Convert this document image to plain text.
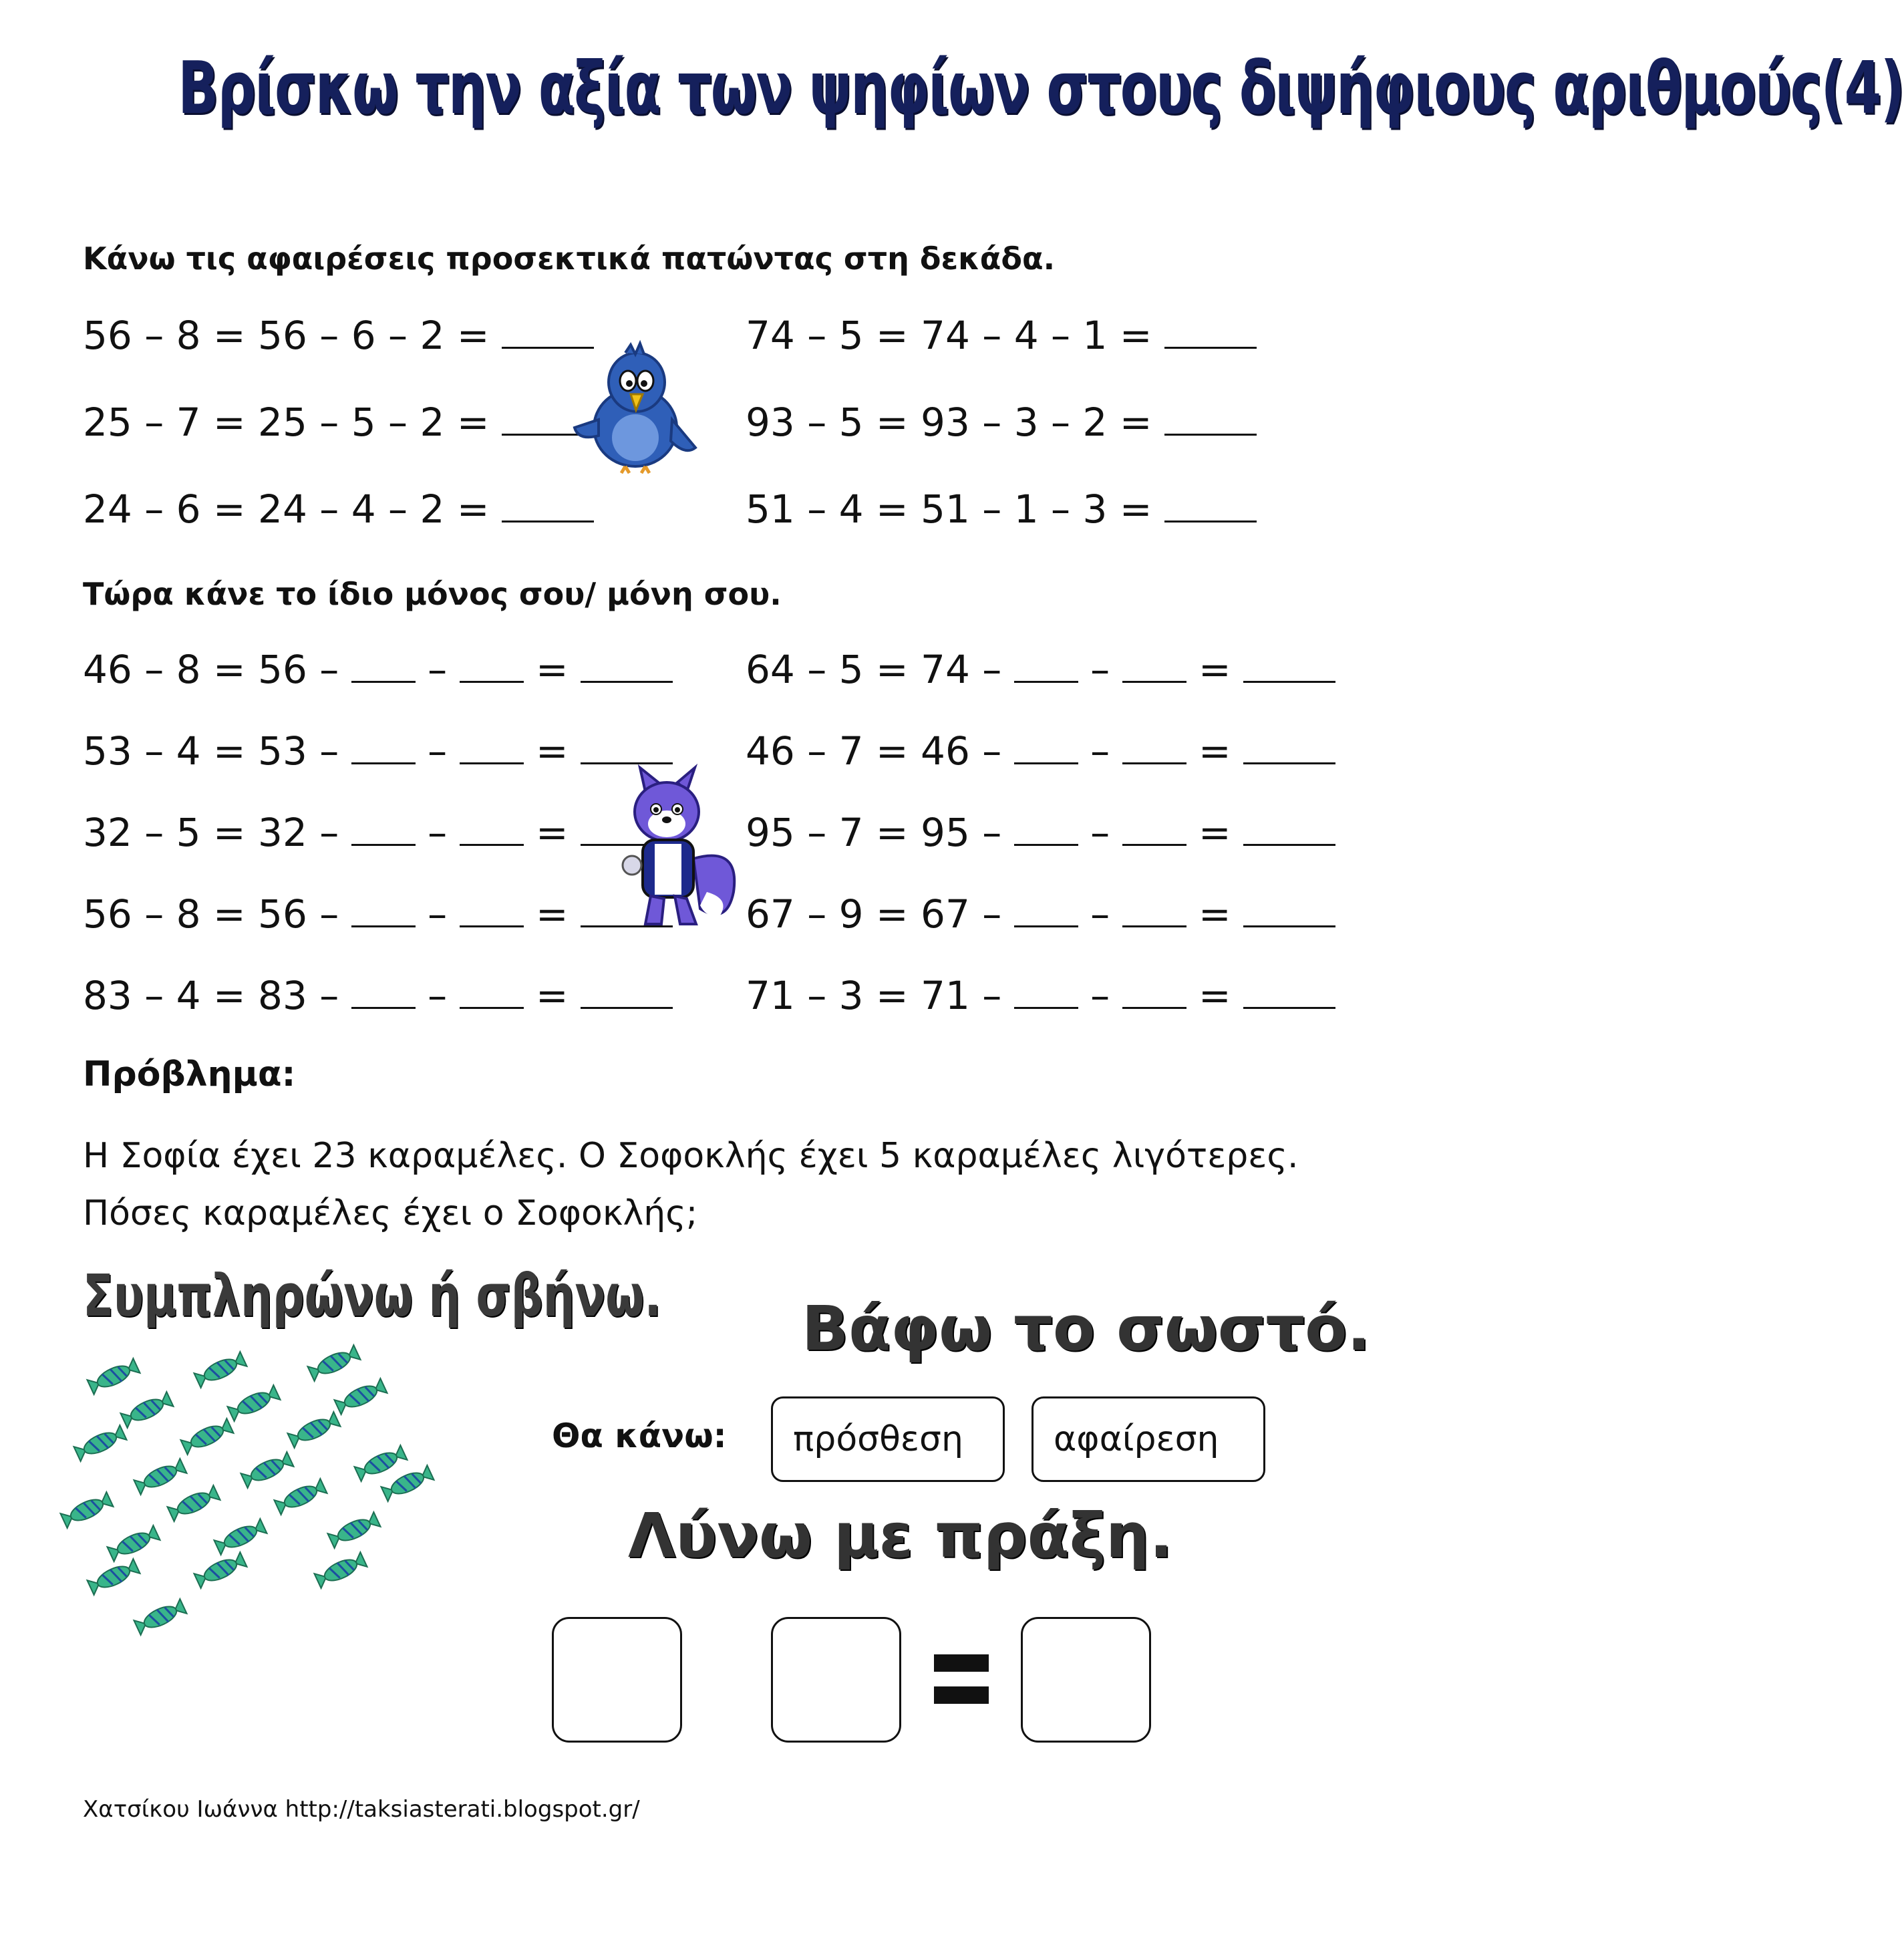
Βρίσκω την αξία των ψηφίων στους διψήφιους αριθμούς(4)
Κάνω τις αφαιρέσεις προσεκτικά πατώντας στη δεκάδα.
56 – 8 = 56 – 6 – 2 =
25 – 7 = 25 – 5 – 2 =
24 – 6 = 24 – 4 – 2 =
74 – 5 = 74 – 4 – 1 =
93 – 5 = 93 – 3 – 2 =
51 – 4 = 51 – 1 – 3 =
Τώρα κάνε το ίδιο μόνος σου/ μόνη σου.
46 – 8 = 56 – – =
53 – 4 = 53 – – =
32 – 5 = 32 – – =
56 – 8 = 56 – – =
83 – 4 = 83 – – =
64 – 5 = 74 – – =
46 – 7 = 46 – – =
95 – 7 = 95 – – =
67 – 9 = 67 – – =
71 – 3 = 71 – – =
Πρόβλημα:
Η Σοφία έχει 23 καραμέλες. Ο Σοφοκλής έχει 5 καραμέλες λιγότερες.
Πόσες καραμέλες έχει ο Σοφοκλής;
Συμπληρώνω ή σβήνω. Βάφω το σωστό.
Θα κάνω:	πρόσθεση	αφαίρεση
Λύνω με πράξη.
Χατσίκου Ιωάννα http://taksiasterati.blogspot.gr/
